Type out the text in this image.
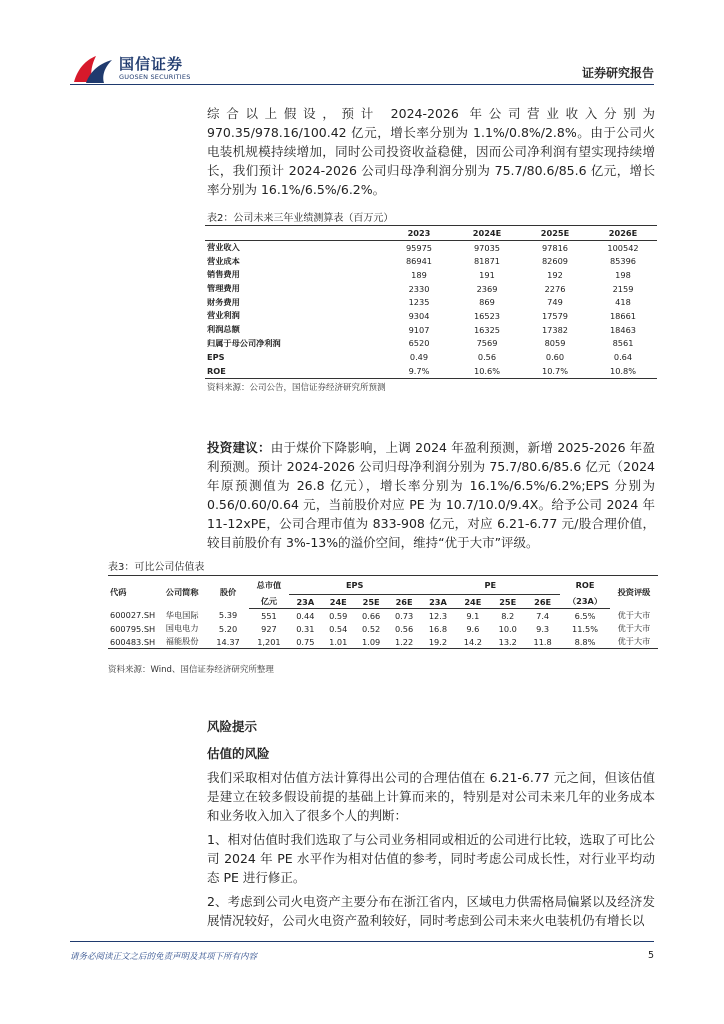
国信证券
GUOSEN SECURITIES	证券研究报告
综合以上假设，预计 2024-2026 年公司营业收入分别为 970.35/978.16/100.42 亿元，增长率分别为 1.1%/0.8%/2.8%。由于公司火电装机规模持续增加，同时公司投资收益稳健，因而公司净利润有望实现持续增长，我们预计 2024-2026 公司归母净利润分别为 75.7/80.6/85.6 亿元，增长率分别为 16.1%/6.5%/6.2%。
表2：公司未来三年业绩测算表（百万元）
	2023	2024E	2025E	2026E
营业收入	95975	97035	97816	100542
营业成本	86941	81871	82609	85396
销售费用	189	191	192	198
管理费用	2330	2369	2276	2159
财务费用	1235	869	749	418
营业利润	9304	16523	17579	18661
利润总额	9107	16325	17382	18463
归属于母公司净利润	6520	7569	8059	8561
EPS	0.49	0.56	0.60	0.64
ROE	9.7%	10.6%	10.7%	10.8%
资料来源：公司公告，国信证券经济研究所预测
投资建议：由于煤价下降影响，上调 2024 年盈利预测，新增 2025-2026 年盈利预测。预计 2024-2026 公司归母净利润分别为 75.7/80.6/85.6 亿元（2024 年原预测值为 26.8 亿元），增长率分别为 16.1%/6.5%/6.2%;EPS 分别为 0.56/0.60/0.64 元，当前股价对应 PE 为 10.7/10.0/9.4X。给予公司 2024 年 11-12xPE，公司合理市值为 833-908 亿元，对应 6.21-6.77 元/股合理价值，较目前股价有 3%-13%的溢价空间，维持“优于大市”评级。
表3：可比公司估值表
代码	公司简称	股价	总市值	EPS				PE				ROE	投资评级
			亿元	23A	24E	25E	26E	23A	24E	25E	26E	（23A）	
600027.SH	华电国际	5.39	551	0.44	0.59	0.66	0.73	12.3	9.1	8.2	7.4	6.5%	优于大市
600795.SH	国电电力	5.20	927	0.31	0.54	0.52	0.56	16.8	9.6	10.0	9.3	11.5%	优于大市
600483.SH	福能股份	14.37	1,201	0.75	1.01	1.09	1.22	19.2	14.2	13.2	11.8	8.8%	优于大市
资料来源：Wind、国信证券经济研究所整理
风险提示
估值的风险
我们采取相对估值方法计算得出公司的合理估值在 6.21-6.77 元之间，但该估值是建立在较多假设前提的基础上计算而来的，特别是对公司未来几年的业务成本和业务收入加入了很多个人的判断：
1、相对估值时我们选取了与公司业务相同或相近的公司进行比较，选取了可比公司 2024 年 PE 水平作为相对估值的参考，同时考虑公司成长性，对行业平均动态 PE 进行修正。
2、考虑到公司火电资产主要分布在浙江省内，区域电力供需格局偏紧以及经济发展情况较好，公司火电资产盈利较好，同时考虑到公司未来火电装机仍有增长以
请务必阅读正文之后的免责声明及其项下所有内容	5
